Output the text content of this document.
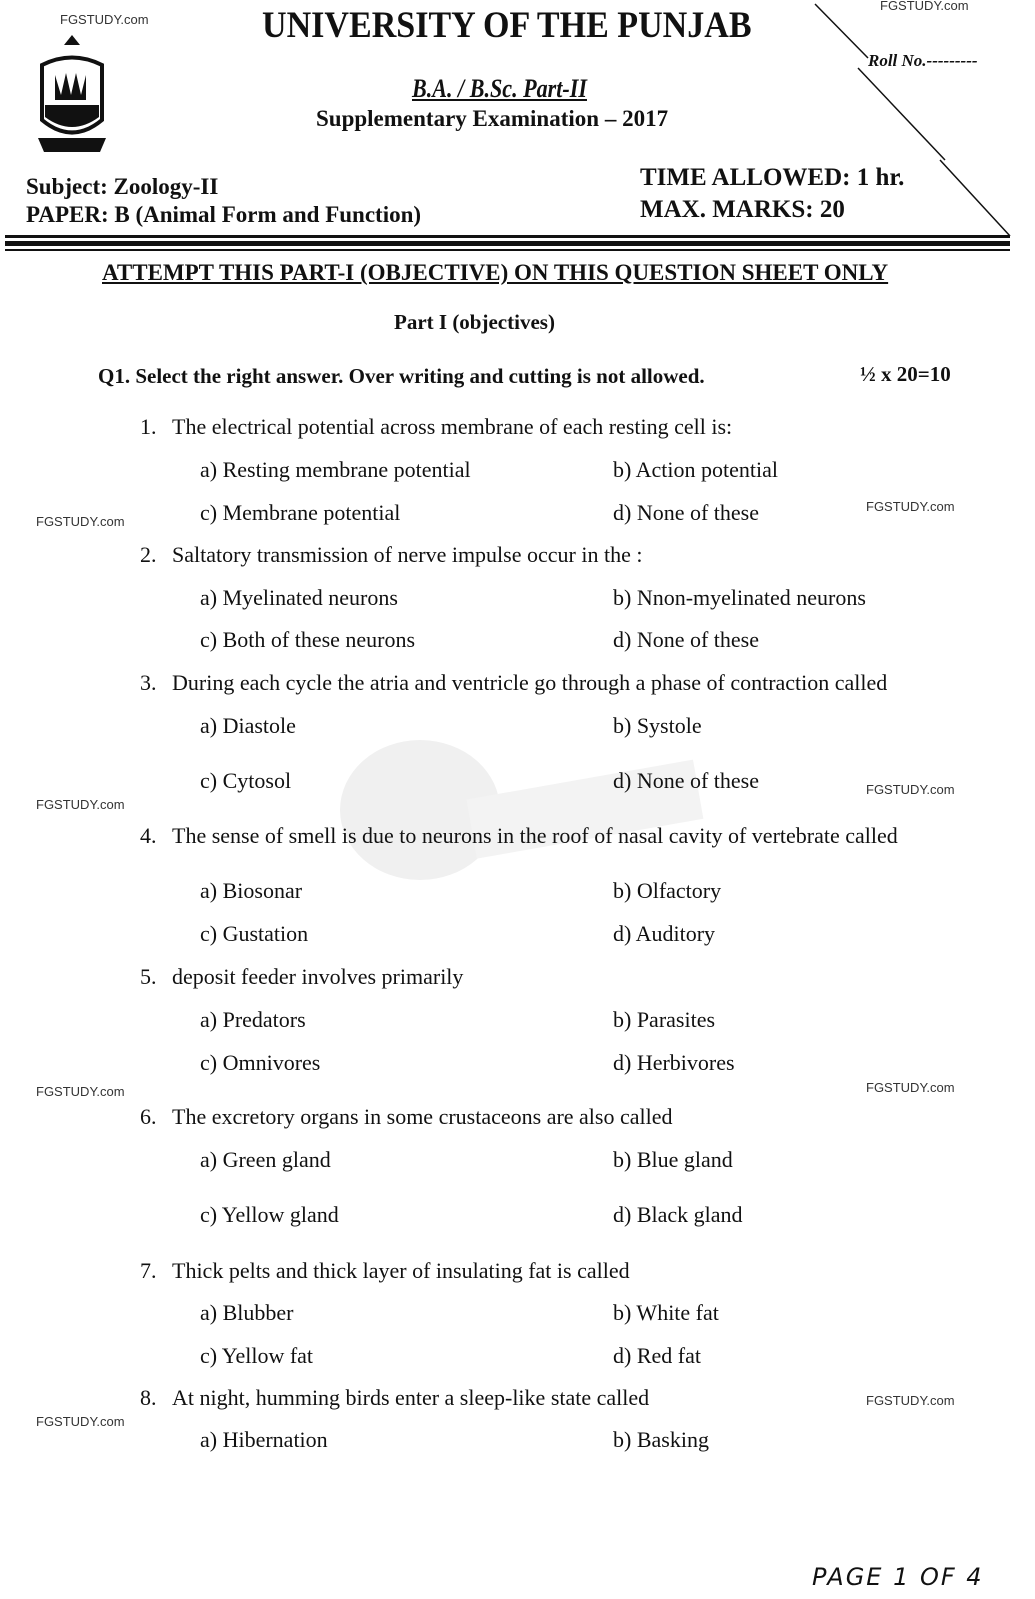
FGSTUDY.com
FGSTUDY.com
FGSTUDY.com
FGSTUDY.com
FGSTUDY.com
FGSTUDY.com
FGSTUDY.com	FGSTUDY.com
FGSTUDY.com
FGSTUDY.com
UNIVERSITY OF THE PUNJAB
Roll No.---------
B.A. / B.Sc. Part-II
Supplementary Examination – 2017
Subject: Zoology-II
PAPER: B (Animal Form and Function)
TIME ALLOWED: 1 hr.
MAX. MARKS: 20
ATTEMPT THIS PART-I (OBJECTIVE) ON THIS QUESTION SHEET ONLY
Part I (objectives)
Q1. Select the right answer. Over writing and cutting is not allowed.	½ x 20=10
1. The electrical potential across membrane of each resting cell is:
a) Resting membrane potential	b) Action potential
c) Membrane potential	d) None of these
2. Saltatory transmission of nerve impulse occur in the :
a) Myelinated neurons	b) Nnon-myelinated neurons
c) Both of these neurons	d) None of these
3. During each cycle the atria and ventricle go through a phase of contraction called
a) Diastole	b) Systole
c) Cytosol	d) None of these
4. The sense of smell is due to neurons in the roof of nasal cavity of vertebrate called
a) Biosonar	b) Olfactory
c) Gustation	d) Auditory
5. deposit feeder involves primarily
a) Predators	b) Parasites
c) Omnivores	d) Herbivores
6. The excretory organs in some crustaceons are also called
a) Green gland	b) Blue gland
c) Yellow gland	d) Black gland
7. Thick pelts and thick layer of insulating fat is called
a) Blubber	b) White fat
c) Yellow fat	d) Red fat
8. At night, humming birds enter a sleep-like state called
a) Hibernation	b) Basking
PAGE 1 OF 4
